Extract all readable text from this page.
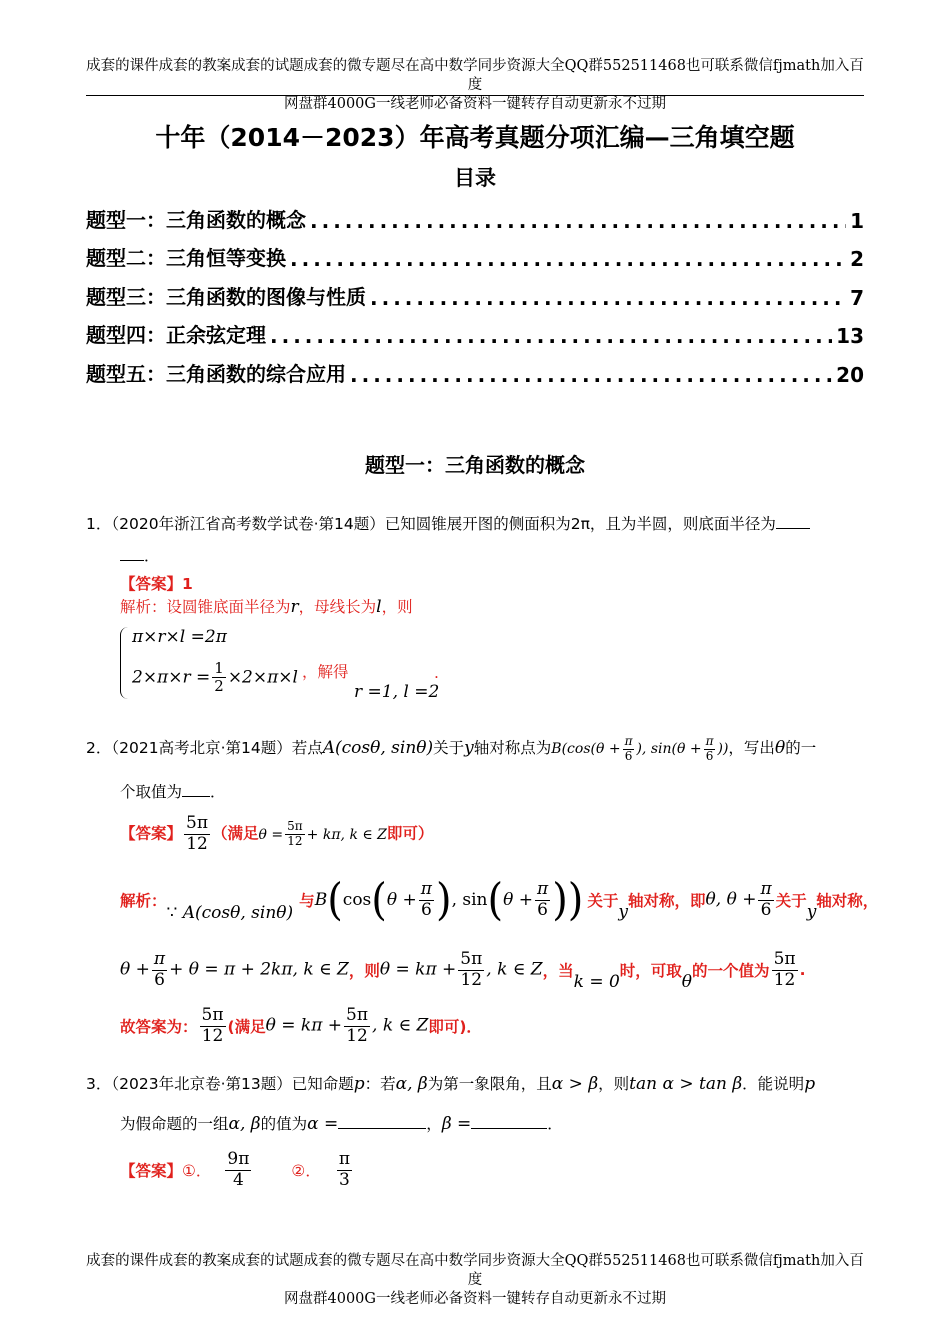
成套的课件成套的教案成套的试题成套的微专题尽在高中数学同步资源大全QQ群552511468也可联系微信fjmath加入百度
网盘群4000G一线老师必备资料一键转存自动更新永不过期
十年（2014－2023）年高考真题分项汇编—三角填空题
目录
题型一：三角函数的概念 .....	1
题型二：三角恒等变换 .....	2
题型三：三角函数的图像与性质 .....	7
题型四：正余弦定理 .....	13
题型五：三角函数的综合应用 .....	20
题型一：三角函数的概念
1．（2020年浙江省高考数学试卷·第14题）已知圆锥展开图的侧面积为2π，且为半圆，则底面半径为
．
【答案】1
解析：设圆锥底面半径为r，母线长为l，则
π×r×l =2π
$2\times\pi\times r = \frac{1}{2} \times 2\times\pi\times l$ ，解得
r =1, l =2
.
2．（2021高考北京·第14题）若点A(cosθ, sinθ)关于y轴对称点为$B(\cos(\theta + \frac{\pi}{6}$ ), $\sin(\theta + \frac{\pi}{6}$ ))，写出θ的一
个取值为 ．
【答案】 $\frac{5\pi}{12}$ （满足$\theta = \frac{5\pi}{12} + k\pi$, k ∈ Z即可）
解析：
∵ A(cosθ, sinθ)
与 B ( cos ( $\theta + \frac{\pi}{6}$ ) , sin ( $\theta + \frac{\pi}{6}$ ) ) 关于
y
轴对称，即 θ, $\theta + \frac{\pi}{6}$ 关于
y
轴对称，
$\theta + \frac{\pi}{6} + \theta = \pi + 2k\pi$, k ∈ Z ，则 $\theta = k\pi + \frac{5\pi}{12}$ , k ∈ Z ，当
k = 0
时，可取
θ
的一个值为 $\frac{5\pi}{12}$ .
故答案为： $\frac{5\pi}{12}$ (满足 $\theta = k\pi + \frac{5\pi}{12}$ , k ∈ Z 即可)．
3．（2023年北京卷·第13题）已知命题p：若α, β为第一象限角，且α > β，则tan α > tan β．能说明p
为假命题的一组α, β的值为α =	，β =	．
【答案】 ①． $\frac{9\pi}{4}$	②． $\frac{\pi}{3}$
成套的课件成套的教案成套的试题成套的微专题尽在高中数学同步资源大全QQ群552511468也可联系微信fjmath加入百度
网盘群4000G一线老师必备资料一键转存自动更新永不过期
